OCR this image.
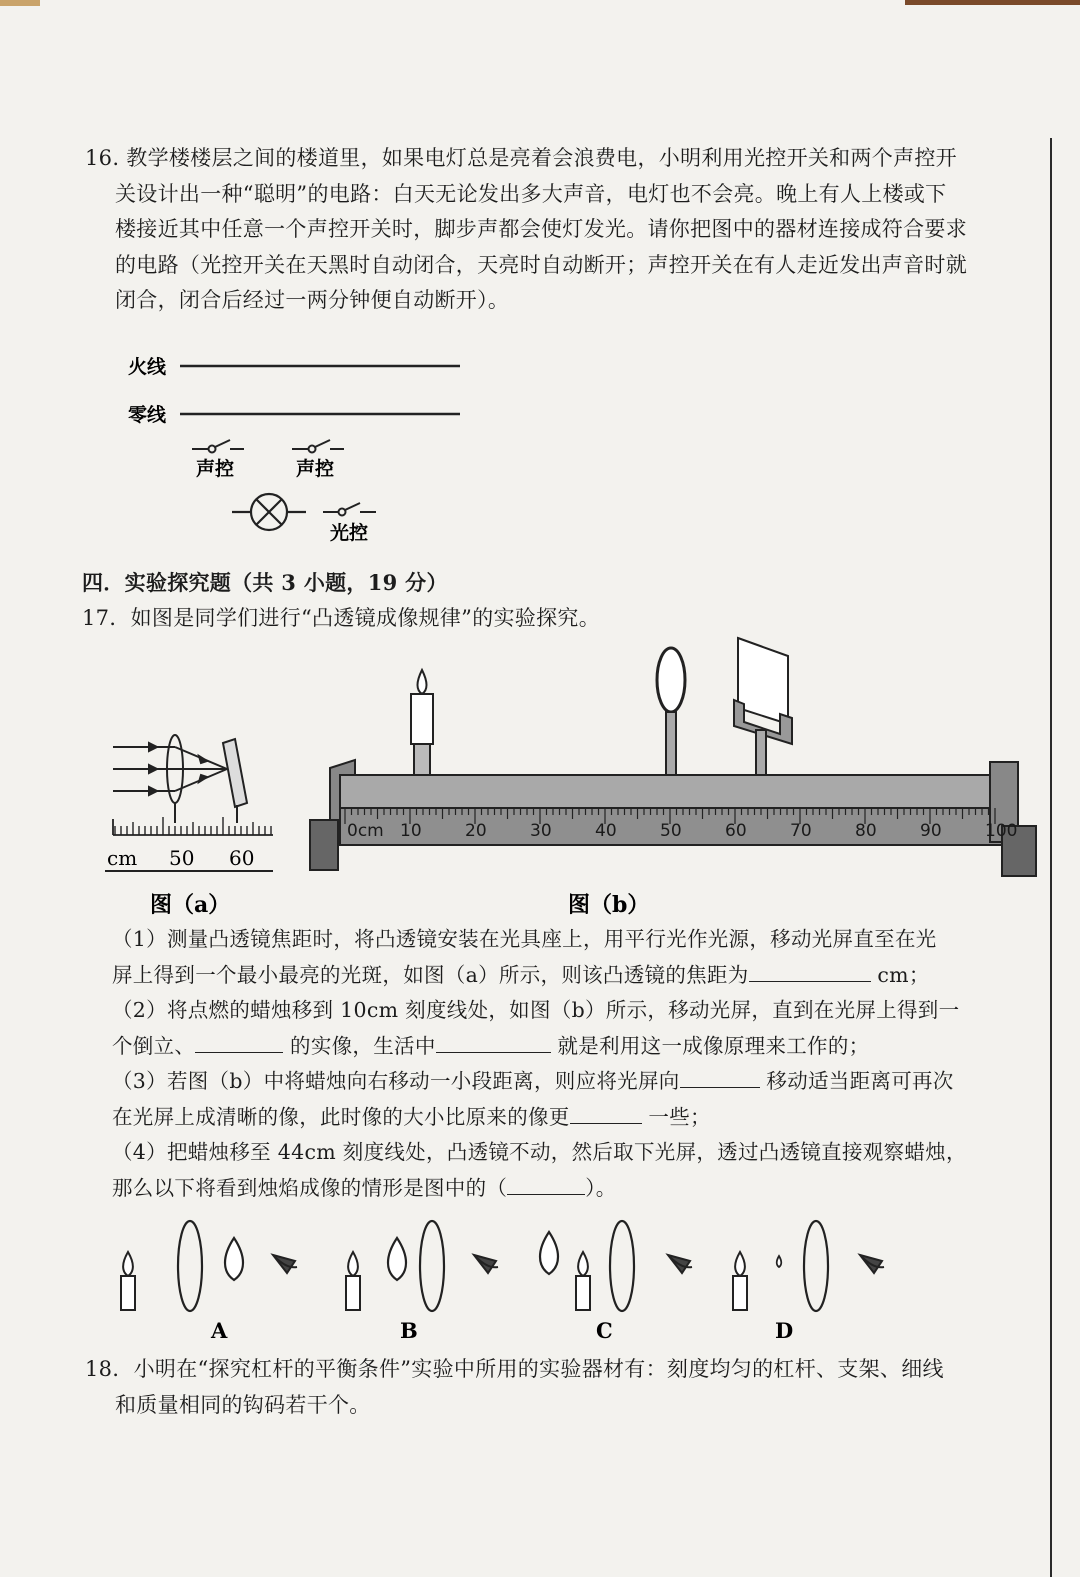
16. 教学楼楼层之间的楼道里，如果电灯总是亮着会浪费电，小明利用光控开关和两个声控开
关设计出一种“聪明”的电路：白天无论发出多大声音，电灯也不会亮。晚上有人上楼或下
楼接近其中任意一个声控开关时，脚步声都会使灯发光。请你把图中的器材连接成符合要求
的电路（光控开关在天黑时自动闭合，天亮时自动断开；声控开关在有人走近发出声音时就
闭合，闭合后经过一两分钟便自动断开）。
火线
零线
声控	声控
光控
四．实验探究题（共 3 小题，19 分）
17．如图是同学们进行“凸透镜成像规律”的实验探究。
cm 50 60
图（a）
0cm 10	20	30	40	50	60	70	80	90	100
图（b）
（1）测量凸透镜焦距时，将凸透镜安装在光具座上，用平行光作光源，移动光屏直至在光
屏上得到一个最小最亮的光斑，如图（a）所示，则该凸透镜的焦距为	cm；
（2）将点燃的蜡烛移到 10cm 刻度线处，如图（b）所示，移动光屏，直到在光屏上得到一
个倒立、	的实像，生活中	就是利用这一成像原理来工作的；
（3）若图（b）中将蜡烛向右移动一小段距离，则应将光屏向	移动适当距离可再次
在光屏上成清晰的像，此时像的大小比原来的像更	一些；
（4）把蜡烛移至 44cm 刻度线处，凸透镜不动，然后取下光屏，透过凸透镜直接观察蜡烛，
那么以下将看到烛焰成像的情形是图中的（	）。
A	B	C	D
18．小明在“探究杠杆的平衡条件”实验中所用的实验器材有：刻度均匀的杠杆、支架、细线
和质量相同的钩码若干个。
